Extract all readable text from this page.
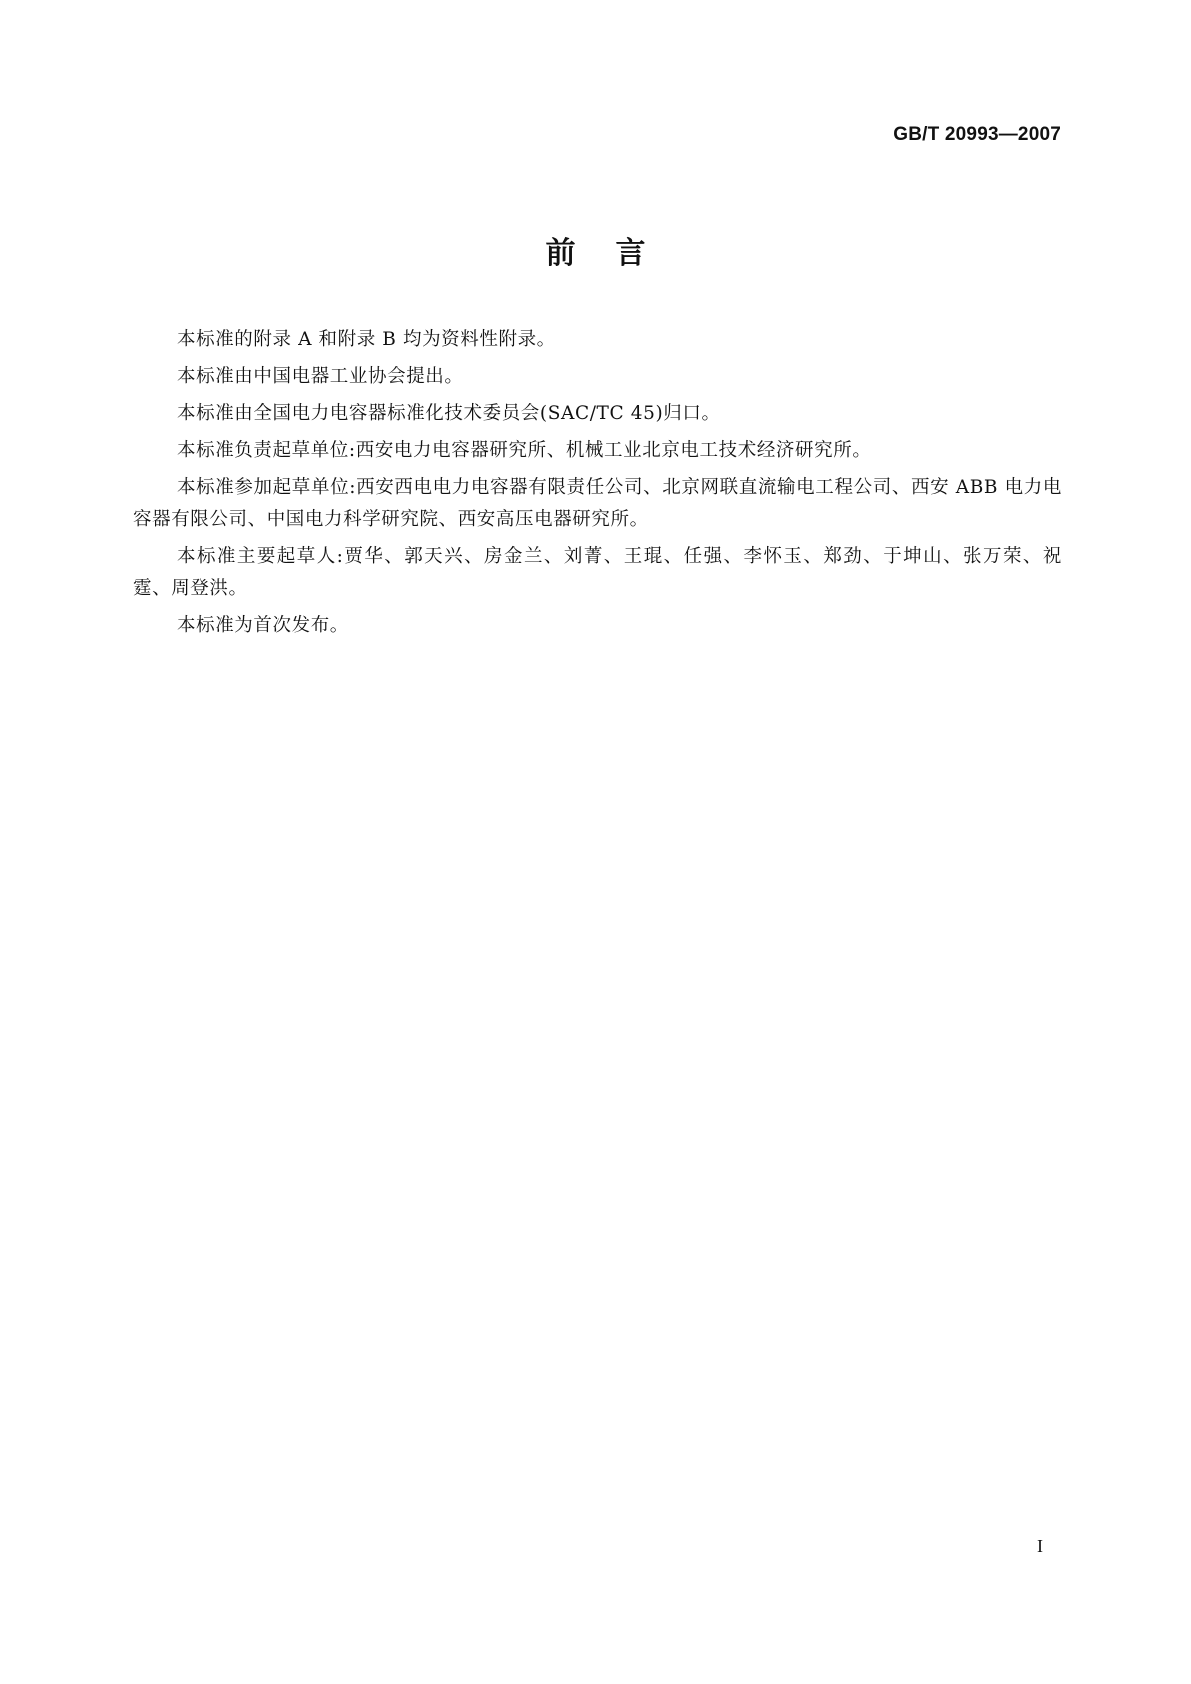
GB/T 20993—2007
前言

本标准的附录 A 和附录 B 均为资料性附录。

本标准由中国电器工业协会提出。

本标准由全国电力电容器标准化技术委员会(SAC/TC 45)归口。

本标准负责起草单位:西安电力电容器研究所、机械工业北京电工技术经济研究所。

本标准参加起草单位:西安西电电力电容器有限责任公司、北京网联直流输电工程公司、西安 ABB 电力电容器有限公司、中国电力科学研究院、西安高压电器研究所。

本标准主要起草人:贾华、郭天兴、房金兰、刘菁、王琨、任强、李怀玉、郑劲、于坤山、张万荣、祝霆、周登洪。

本标准为首次发布。

I
